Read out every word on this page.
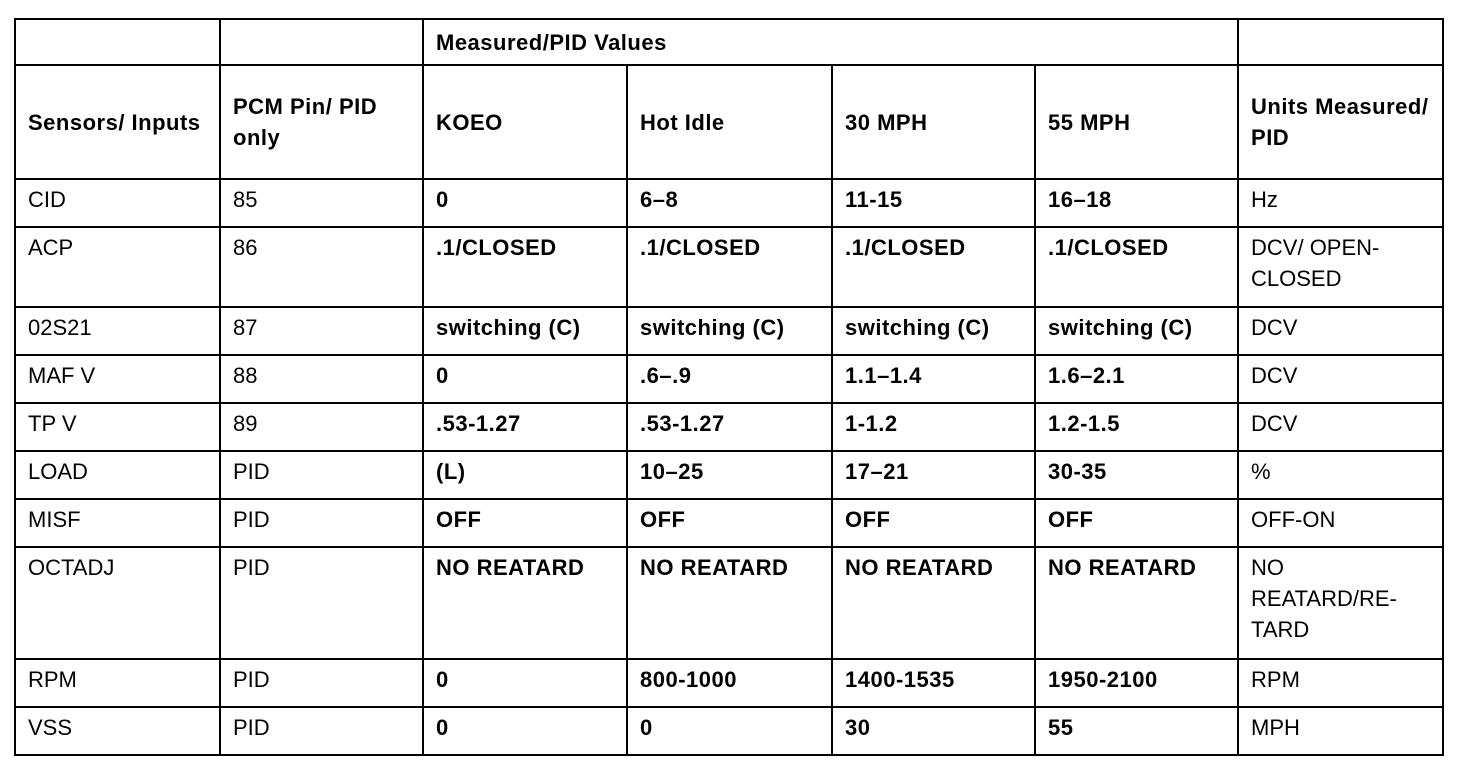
		Measured/PID Values				
Sensors/ Inputs	PCM Pin/ PID only	KOEO	Hot Idle	30 MPH	55 MPH	Units Measured/ PID
CID	85	0	6–8	11-15	16–18	Hz
ACP	86	.1/CLOSED	.1/CLOSED	.1/CLOSED	.1/CLOSED	DCV/ OPEN-CLOSED
02S21	87	switching (C)	switching (C)	switching (C)	switching (C)	DCV
MAF V	88	0	.6–.9	1.1–1.4	1.6–2.1	DCV
TP V	89	.53-1.27	.53-1.27	1-1.2	1.2-1.5	DCV
LOAD	PID	(L)	10–25	17–21	30-35	%
MISF	PID	OFF	OFF	OFF	OFF	OFF-ON
OCTADJ	PID	NO REATARD	NO REATARD	NO REATARD	NO REATARD	NO REATARD/RE-TARD
RPM	PID	0	800-1000	1400-1535	1950-2100	RPM
VSS	PID	0	0	30	55	MPH
